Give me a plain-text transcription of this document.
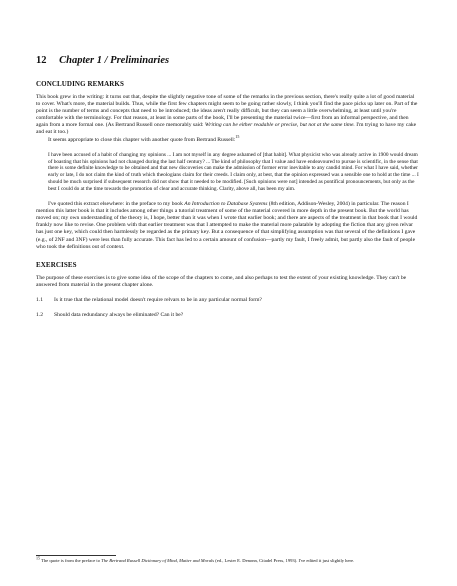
12 Chapter 1 / Preliminaries
CONCLUDING REMARKS

This book grew in the writing: it turns out that, despite the slightly negative tone of some of the remarks in the previous section, there's really quite a lot of good material to cover. What's more, the material builds. Thus, while the first few chapters might seem to be going rather slowly, I think you'll find the pace picks up later on. Part of the point is the number of terms and concepts that need to be introduced; the ideas aren't really difficult, but they can seem a little overwhelming, at least until you're comfortable with the terminology. For that reason, at least in some parts of the book, I'll be presenting the material twice—first from an informal perspective, and then again from a more formal one. (As Bertrand Russell once memorably said: Writing can be either readable or precise, but not at the same time. I'm trying to have my cake and eat it too.)

It seems appropriate to close this chapter with another quote from Bertrand Russell:$^{15}$

I have been accused of a habit of changing my opinions ... I am not myself in any degree ashamed of [that habit]. What physicist who was already active in 1900 would dream of boasting that his opinions had not changed during the last half century? ... The kind of philosophy that I value and have endeavoured to pursue is scientific, in the sense that there is some definite knowledge to be obtained and that new discoveries can make the admission of former error inevitable to any candid mind. For what I have said, whether early or late, I do not claim the kind of truth which theologians claim for their creeds. I claim only, at best, that the opinion expressed was a sensible one to hold at the time ... I should be much surprised if subsequent research did not show that it needed to be modified. [Such opinions were not] intended as pontifical pronouncements, but only as the best I could do at the time towards the promotion of clear and accurate thinking. Clarity, above all, has been my aim.

I've quoted this extract elsewhere: in the preface to my book An Introduction to Database Systems (8th edition, Addison-Wesley, 2004) in particular. The reason I mention this latter book is that it includes among other things a tutorial treatment of some of the material covered in more depth in the present book. But the world has moved on; my own understanding of the theory is, I hope, better than it was when I wrote that earlier book; and there are aspects of the treatment in that book that I would frankly now like to revise. One problem with that earlier treatment was that I attempted to make the material more palatable by adopting the fiction that any given relvar has just one key, which could then harmlessly be regarded as the primary key. But a consequence of that simplifying assumption was that several of the definitions I gave (e.g., of 2NF and 3NF) were less than fully accurate. This fact has led to a certain amount of confusion—partly my fault, I freely admit, but partly also the fault of people who took the definitions out of context.

EXERCISES

The purpose of these exercises is to give some idea of the scope of the chapters to come, and also perhaps to test the extent of your existing knowledge. They can't be answered from material in the present chapter alone.

1.1	Is it true that the relational model doesn't require relvars to be in any particular normal form?
1.2	Should data redundancy always be eliminated? Can it be?
15 The quote is from the preface to The Bertrand Russell Dictionary of Mind, Matter and Morals (ed., Lester E. Denonn, Citadel Press, 1993). I've edited it just slightly here.
